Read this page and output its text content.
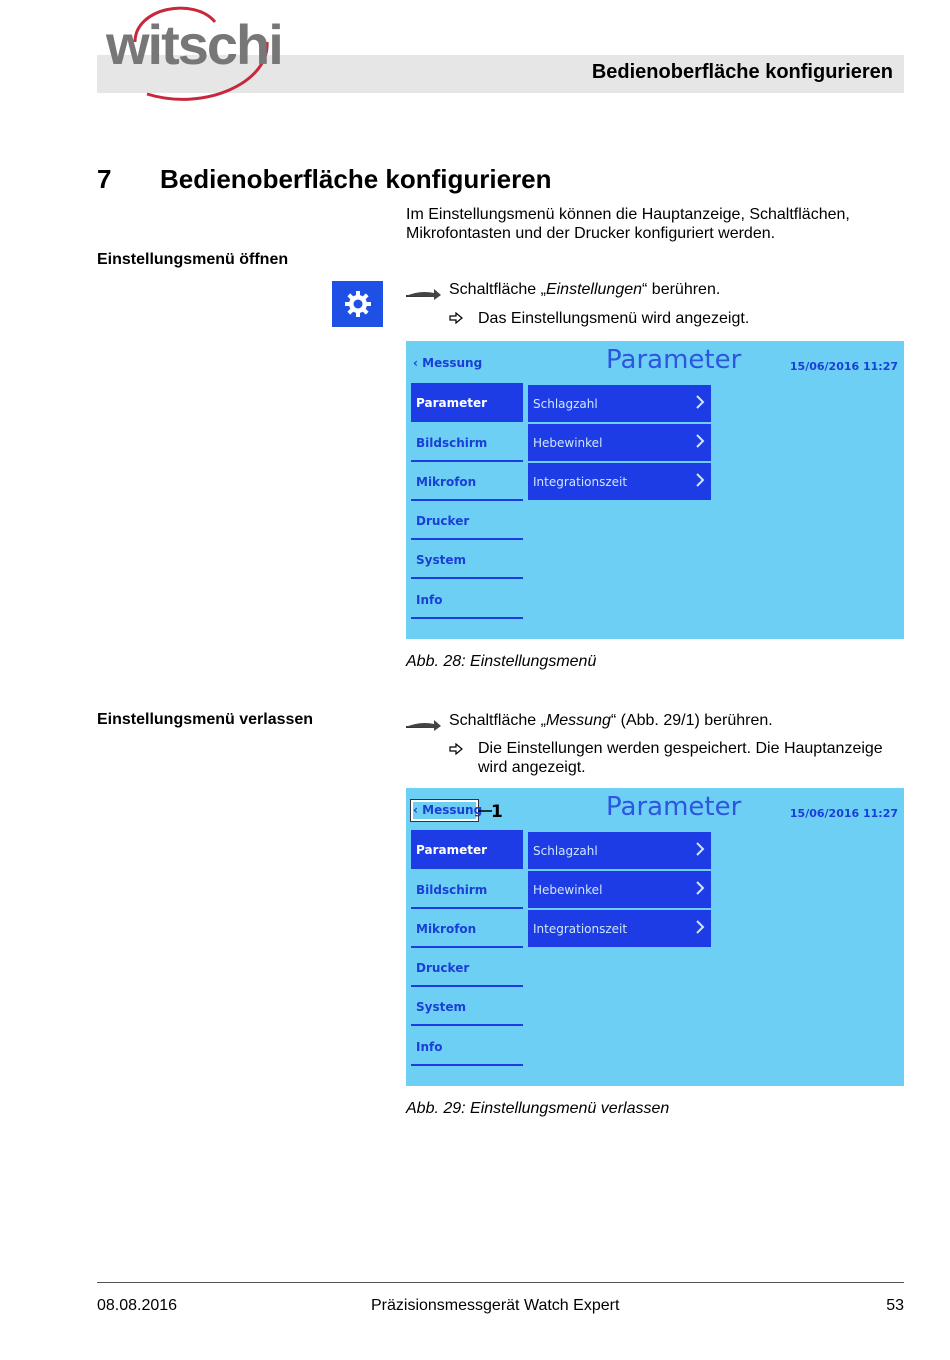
witschi	Bedienoberfläche konfigurieren
7 Bedienoberfläche konfigurieren
Im Einstellungsmenü können die Hauptanzeige, Schaltflächen,
Mikrofontasten und der Drucker konfiguriert werden.
Einstellungsmenü öffnen
Schaltfläche „Einstellungen“ berühren.
Das Einstellungsmenü wird angezeigt.
‹ Messung	Parameter	15/06/2016 11:27
Parameter
Bildschirm
Mikrofon
Drucker
System
Info
Schlagzahl
Hebewinkel
Integrationszeit
Abb. 28: Einstellungsmenü
Einstellungsmenü verlassen	Schaltfläche „Messung“ (Abb. 29/1) berühren.
Die Einstellungen werden gespeichert. Die Hauptanzeige
wird angezeigt.
‹ Messung 1	Parameter	15/06/2016 11:27
Parameter
Bildschirm
Mikrofon
Drucker
System
Info
Schlagzahl
Hebewinkel
Integrationszeit
Abb. 29: Einstellungsmenü verlassen
08.08.2016	Präzisionsmessgerät Watch Expert	53
